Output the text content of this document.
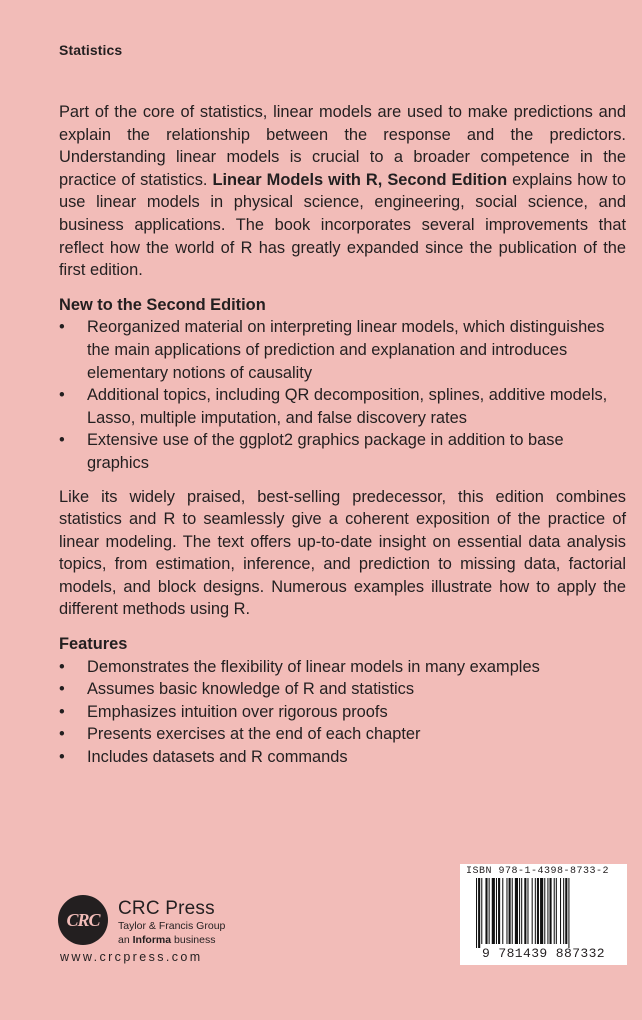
Statistics

Part of the core of statistics, linear models are used to make predictions and explain the relationship between the response and the predictors. Understanding linear models is crucial to a broader competence in the practice of statistics. Linear Models with R, Second Edition explains how to use linear models in physical science, engineering, social science, and business applications. The book incorporates several improvements that reflect how the world of R has greatly expanded since the publication of the first edition.

New to the Second Edition
• Reorganized material on interpreting linear models, which distinguishes the main applications of prediction and explanation and introduces elementary notions of causality
• Additional topics, including QR decomposition, splines, additive models, Lasso, multiple imputation, and false discovery rates
• Extensive use of the ggplot2 graphics package in addition to base graphics

Like its widely praised, best-selling predecessor, this edition combines statistics and R to seamlessly give a coherent exposition of the practice of linear modeling. The text offers up-to-date insight on essential data analysis topics, from estimation, inference, and prediction to missing data, factorial models, and block designs. Numerous examples illustrate how to apply the different methods using R.

Features
• Demonstrates the flexibility of linear models in many examples
• Assumes basic knowledge of R and statistics
• Emphasizes intuition over rigorous proofs
• Presents exercises at the end of each chapter
• Includes datasets and R commands
CRC
CRC Press
Taylor & Francis Group
an Informa business
www.crcpress.com
ISBN 978-1-4398-8733-2
9 781439 887332
